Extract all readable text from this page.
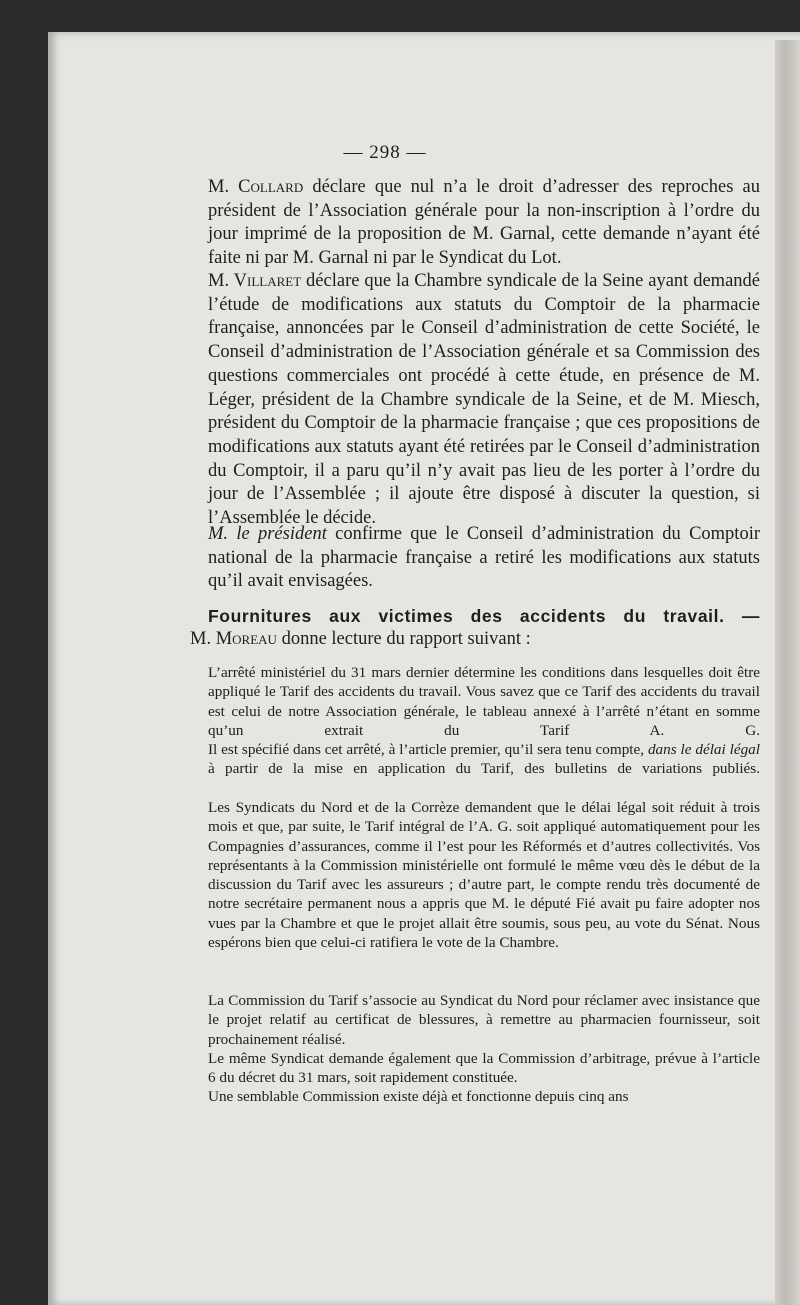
— 298 —

M. Collard déclare que nul n’a le droit d’adresser des reproches au président de l’Association générale pour la non-inscription à l’ordre du jour imprimé de la proposition de M. Garnal, cette demande n’ayant été faite ni par M. Garnal ni par le Syndicat du Lot.

M. Villaret déclare que la Chambre syndicale de la Seine ayant demandé l’étude de modifications aux statuts du Comptoir de la pharmacie française, annoncées par le Conseil d’administration de cette Société, le Conseil d’administration de l’Association générale et sa Commission des questions commerciales ont procédé à cette étude, en présence de M. Léger, président de la Chambre syndicale de la Seine, et de M. Miesch, président du Comptoir de la pharmacie française ; que ces propositions de modifications aux statuts ayant été retirées par le Conseil d’administration du Comptoir, il a paru qu’il n’y avait pas lieu de les porter à l’ordre du jour de l’Assemblée ; il ajoute être disposé à discuter la question, si l’Assemblée le décide.

M. le président confirme que le Conseil d’administration du Comptoir national de la pharmacie française a retiré les modifications aux statuts qu’il avait envisagées.

Fournitures aux victimes des accidents du travail. —
M. Moreau donne lecture du rapport suivant :

L’arrêté ministériel du 31 mars dernier détermine les conditions dans lesquelles doit être appliqué le Tarif des accidents du travail. Vous savez que ce Tarif des accidents du travail est celui de notre Association générale, le tableau annexé à l’arrêté n’étant en somme qu’un extrait du Tarif A. G.

Il est spécifié dans cet arrêté, à l’article premier, qu’il sera tenu compte, dans le délai légal à partir de la mise en application du Tarif, des bulletins de variations publiés.

Les Syndicats du Nord et de la Corrèze demandent que le délai légal soit réduit à trois mois et que, par suite, le Tarif intégral de l’A. G. soit appliqué automatiquement pour les Compagnies d’assurances, comme il l’est pour les Réformés et d’autres collectivités. Vos représentants à la Commission ministérielle ont formulé le même vœu dès le début de la discussion du Tarif avec les assureurs ; d’autre part, le compte rendu très documenté de notre secrétaire permanent nous a appris que M. le député Fié avait pu faire adopter nos vues par la Chambre et que le projet allait être soumis, sous peu, au vote du Sénat. Nous espérons bien que celui-ci ratifiera le vote de la Chambre.

La Commission du Tarif s’associe au Syndicat du Nord pour réclamer avec insistance que le projet relatif au certificat de blessures, à remettre au pharmacien fournisseur, soit prochainement réalisé.

Le même Syndicat demande également que la Commission d’arbitrage, prévue à l’article 6 du décret du 31 mars, soit rapidement constituée.

Une semblable Commission existe déjà et fonctionne depuis cinq ans
